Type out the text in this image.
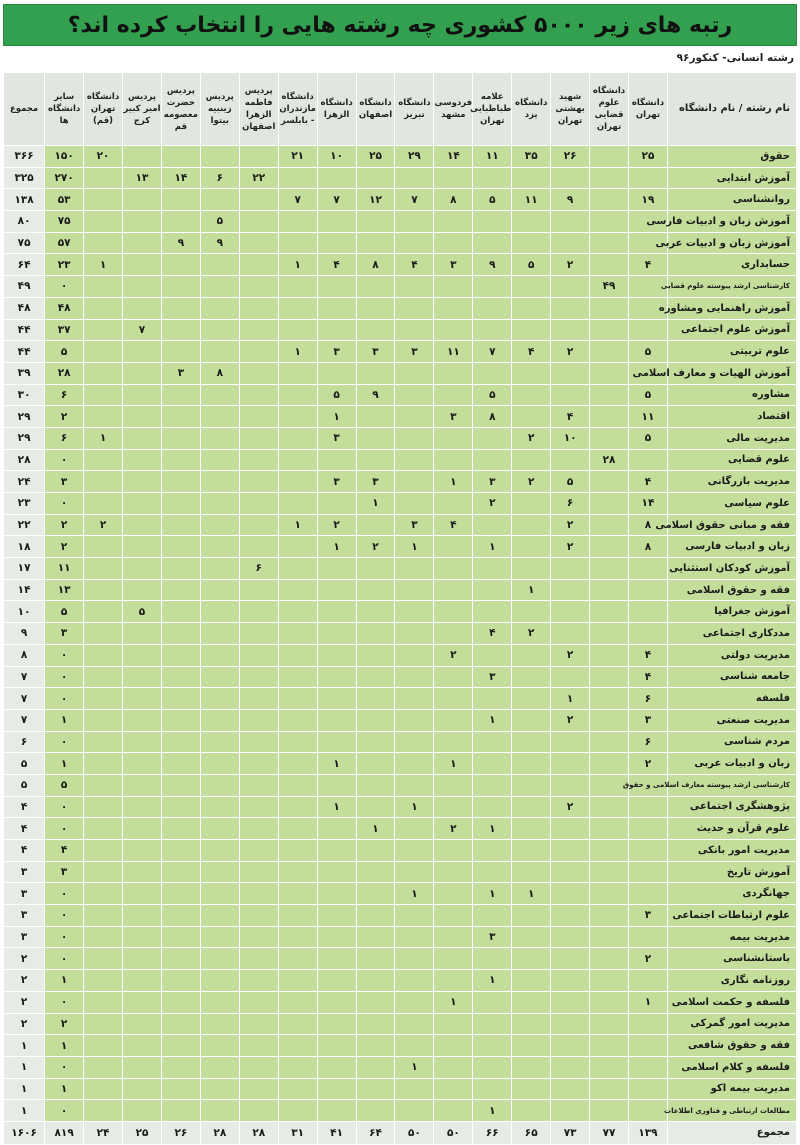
رتبه های زیر ۵۰۰۰ کشوری چه رشته هایی را انتخاب کرده اند؟
رشته انسانی- کنکور۹۶
نام رشته / نام دانشگاه	دانشگاه تهران	دانشگاه علوم قضایی تهران	شهید بهشتی تهران	دانشگاه یزد	علامه طباطبایی تهران	فردوسی مشهد	دانشگاه تبریز	دانشگاه اصفهان	دانشگاه الزهرا	دانشگاه مازندران - بابلسر	پردیس فاطمه الزهرا اصفهان	پردیس زینبیه بیتوا	پردیس حضرت معصومه قم	پردیس امیر کبیر کرج	دانشگاه تهران (قم)	سایر دانشگاه ها	مجموع
حقوق	۲۵		۲۶	۳۵	۱۱	۱۴	۲۹	۲۵	۱۰	۲۱					۲۰	۱۵۰	۳۶۶
آموزش ابتدایی											۲۲	۶	۱۴	۱۳		۲۷۰	۳۲۵
روانشناسی	۱۹		۹	۱۱	۵	۸	۷	۱۲	۷	۷						۵۳	۱۳۸
آموزش زبان و ادبیات فارسی												۵				۷۵	۸۰
آموزش زبان و ادبیات عربی												۹	۹			۵۷	۷۵
حسابداری	۴		۲	۵	۹	۳	۴	۸	۴	۱					۱	۲۳	۶۴
کارشناسی ارشد پیوسته علوم قضایی		۴۹														۰	۴۹
آموزش راهنمایی ومشاوره																۴۸	۴۸
آموزش علوم اجتماعی														۷		۳۷	۴۴
علوم تربیتی	۵		۲	۴	۷	۱۱	۳	۳	۳	۱						۵	۴۴
آموزش الهیات و معارف اسلامی												۸	۳			۲۸	۳۹
مشاوره	۵				۵			۹	۵							۶	۳۰
اقتصاد	۱۱		۴		۸	۳			۱							۲	۲۹
مدیریت مالی	۵		۱۰	۲					۳						۱	۶	۲۹
علوم قضایی		۲۸														۰	۲۸
مدیریت بازرگانی	۴		۵	۲	۳	۱		۳	۳							۳	۲۴
علوم سیاسی	۱۴		۶		۲			۱								۰	۲۳
فقه و مبانی حقوق اسلامی	۸		۲			۴	۳		۲	۱					۲	۲	۲۲
زبان و ادبیات فارسی	۸		۲		۱		۱	۲	۱							۲	۱۸
آموزش کودکان استثنایی											۶					۱۱	۱۷
فقه و حقوق اسلامی				۱												۱۳	۱۴
آموزش جغرافیا														۵		۵	۱۰
مددکاری اجتماعی				۲	۴											۳	۹
مدیریت دولتی	۴		۲			۲										۰	۸
جامعه شناسی	۴				۳											۰	۷
فلسفه	۶		۱													۰	۷
مدیریت صنعتی	۳		۲		۱											۱	۷
مردم شناسی	۶															۰	۶
زبان و ادبیات عربی	۲					۱			۱							۱	۵
کارشناسی ارشد پیوسته معارف اسلامی و حقوق																۵	۵
پژوهشگری اجتماعی			۲				۱		۱							۰	۴
علوم قرآن و حدیث					۱	۲		۱								۰	۴
مدیریت امور بانکی																۴	۴
آموزش تاریخ																۳	۳
جهانگردی				۱	۱		۱									۰	۳
علوم ارتباطات اجتماعی	۳															۰	۳
مدیریت بیمه					۳											۰	۳
باستانشناسی	۲															۰	۲
روزنامه نگاری					۱											۱	۲
فلسفه و حکمت اسلامی	۱					۱										۰	۲
مدیریت امور گمرکی																۲	۲
فقه و حقوق شافعی																۱	۱
فلسفه و کلام اسلامی							۱									۰	۱
مدیریت بیمه اکو																۱	۱
مطالعات ارتباطی و فناوری اطلاعات					۱											۰	۱
مجموع	۱۳۹	۷۷	۷۳	۶۵	۶۶	۵۰	۵۰	۶۴	۴۱	۳۱	۲۸	۲۸	۲۶	۲۵	۲۴	۸۱۹	۱۶۰۶
